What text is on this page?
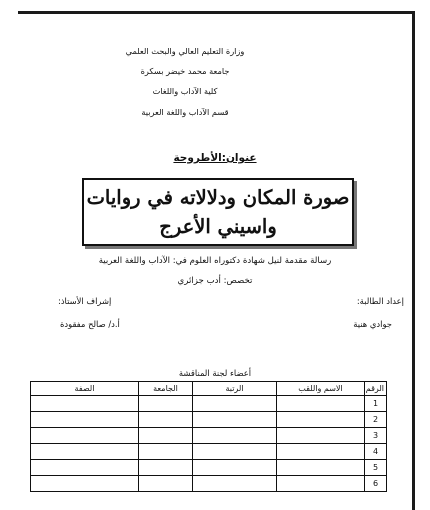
وزارة التعليم العالي والبحث العلمي
جامعة محمد خيضر بسكرة
كلية الآداب واللغات
قسم الآداب واللغة العربية
عنوان:الأطروحة
صورة المكان ودلالاته في روايات
واسيني الأعرج
رسالة مقدمة لنيل شهادة دكتوراه العلوم في: الآداب واللغة العربية
تخصص: أدب جزائري
إعداد الطالبة:
جوادي هنية
إشراف الأستاذ:
أ.د/ صالح مفقودة
أعضاء لجنة المناقشة
الرقم	الاسم واللقب	الرتبة	الجامعة	الصفة
1				
2				
3				
4				
5				
6				
